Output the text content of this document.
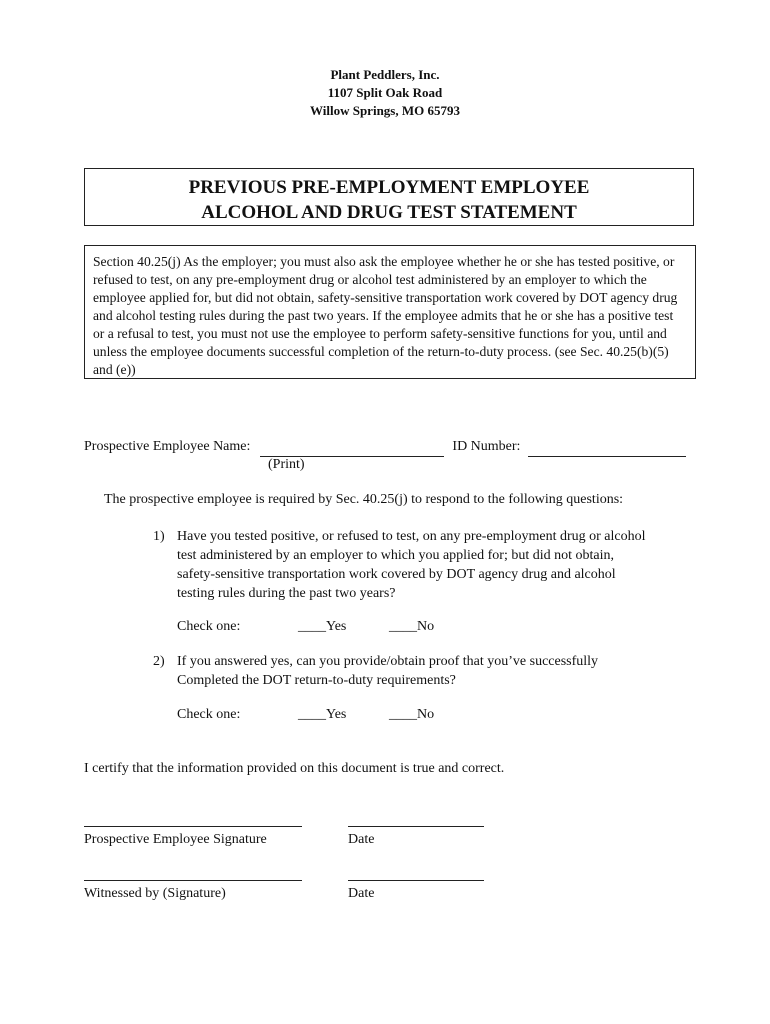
Plant Peddlers, Inc.
1107 Split Oak Road
Willow Springs, MO 65793
PREVIOUS PRE-EMPLOYMENT EMPLOYEE
ALCOHOL AND DRUG TEST STATEMENT
Section 40.25(j) As the employer; you must also ask the employee whether he or she has tested positive, or refused to test, on any pre-employment drug or alcohol test administered by an employer to which the employee applied for, but did not obtain, safety-sensitive transportation work covered by DOT agency drug and alcohol testing rules during the past two years. If the employee admits that he or she has a positive test or a refusal to test, you must not use the employee to perform safety-sensitive functions for you, until and unless the employee documents successful completion of the return-to-duty process. (see Sec. 40.25(b)(5) and (e))
Prospective Employee Name:	ID Number:
(Print)
The prospective employee is required by Sec. 40.25(j) to respond to the following questions:
1) Have you tested positive, or refused to test, on any pre-employment drug or alcohol test administered by an employer to which you applied for; but did not obtain, safety-sensitive transportation work covered by DOT agency drug and alcohol testing rules during the past two years?
Check one:	____Yes	____No
2) If you answered yes, can you provide/obtain proof that you’ve successfully Completed the DOT return-to-duty requirements?
Check one:	____Yes	____No
I certify that the information provided on this document is true and correct.
Prospective Employee Signature	Date
Witnessed by (Signature)	Date
